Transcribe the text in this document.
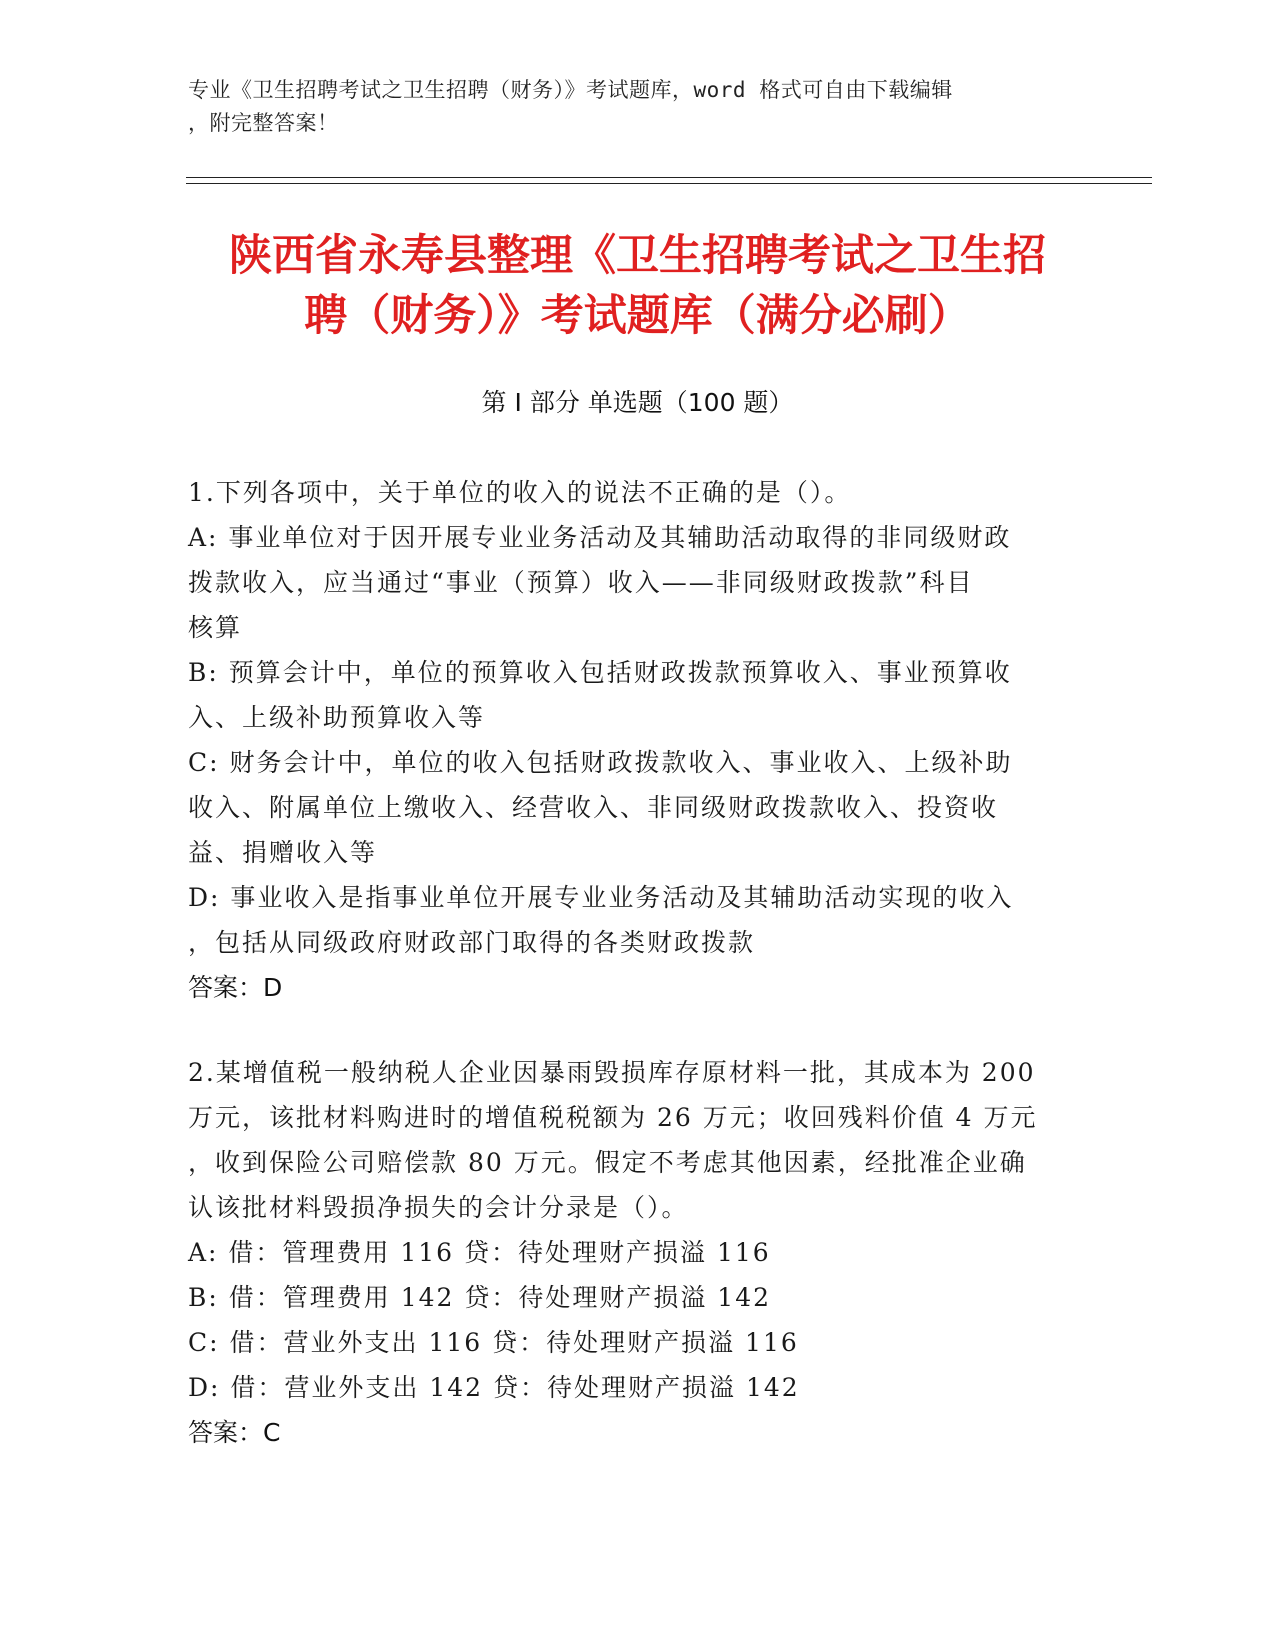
专业《卫生招聘考试之卫生招聘（财务）》考试题库，word 格式可自由下载编辑
，附完整答案！
陕西省永寿县整理《卫生招聘考试之卫生招
聘（财务）》考试题库（满分必刷）
第 I 部分 单选题（100 题）
1.下列各项中，关于单位的收入的说法不正确的是（）。
A: 事业单位对于因开展专业业务活动及其辅助活动取得的非同级财政
拨款收入，应当通过“事业（预算）收入——非同级财政拨款”科目
核算
B: 预算会计中，单位的预算收入包括财政拨款预算收入、事业预算收
入、上级补助预算收入等
C: 财务会计中，单位的收入包括财政拨款收入、事业收入、上级补助
收入、附属单位上缴收入、经营收入、非同级财政拨款收入、投资收
益、捐赠收入等
D: 事业收入是指事业单位开展专业业务活动及其辅助活动实现的收入
，包括从同级政府财政部门取得的各类财政拨款
答案：D
2.某增值税一般纳税人企业因暴雨毁损库存原材料一批，其成本为 200
万元，该批材料购进时的增值税税额为 26 万元；收回残料价值 4 万元
，收到保险公司赔偿款 80 万元。假定不考虑其他因素，经批准企业确
认该批材料毁损净损失的会计分录是（）。
A: 借：管理费用 116 贷：待处理财产损溢 116
B: 借：管理费用 142 贷：待处理财产损溢 142
C: 借：营业外支出 116 贷：待处理财产损溢 116
D: 借：营业外支出 142 贷：待处理财产损溢 142
答案：C
